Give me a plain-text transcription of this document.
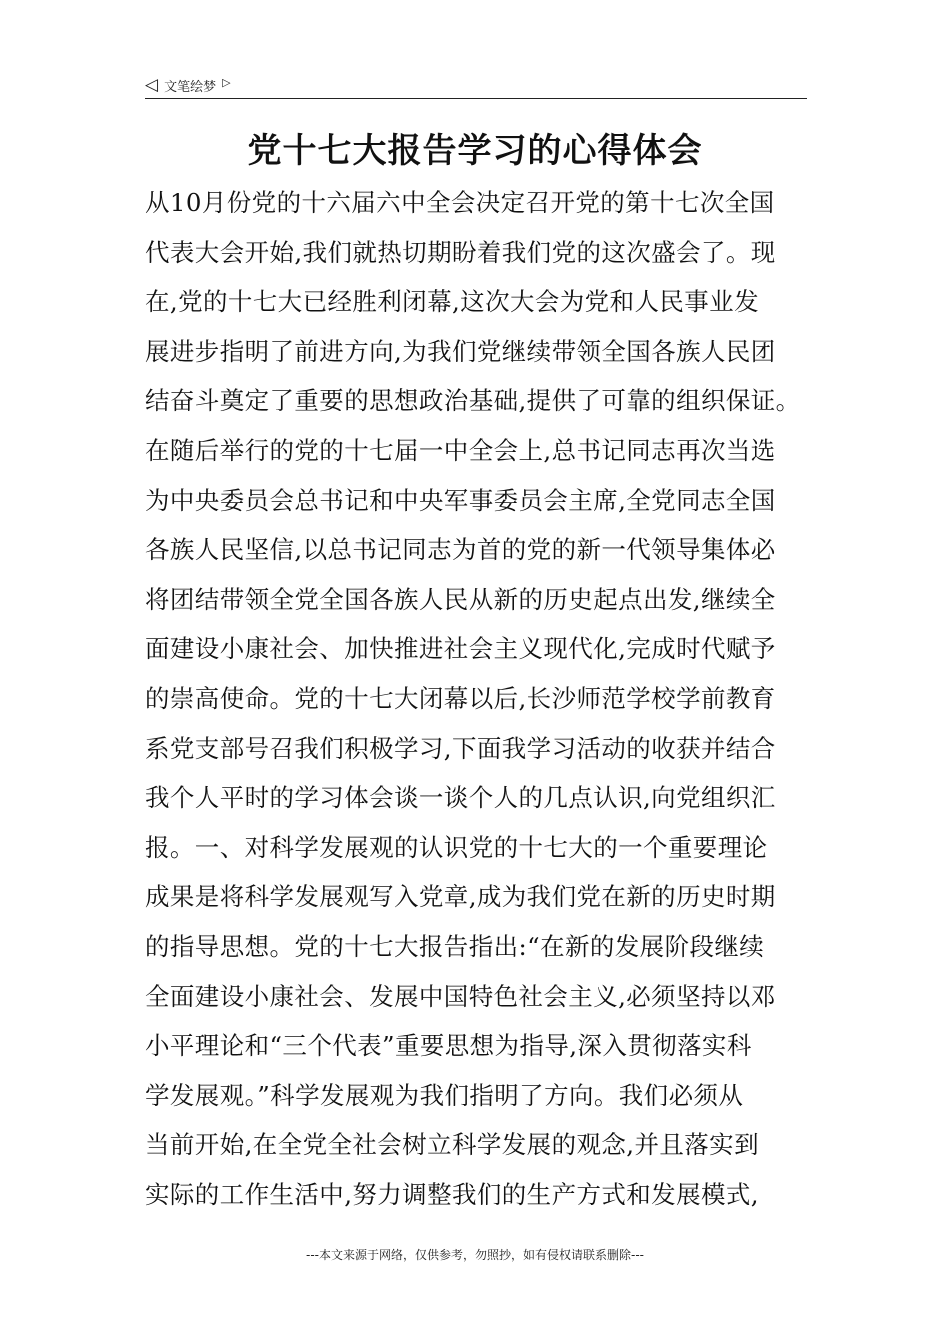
◁ 文笔绘梦 ▷
党十七大报告学习的心得体会

从10月份党的十六届六中全会决定召开党的第十七次全国
代表大会开始,我们就热切期盼着我们党的这次盛会了。现
在,党的十七大已经胜利闭幕,这次大会为党和人民事业发
展进步指明了前进方向,为我们党继续带领全国各族人民团
结奋斗奠定了重要的思想政治基础,提供了可靠的组织保证。
在随后举行的党的十七届一中全会上,总书记同志再次当选
为中央委员会总书记和中央军事委员会主席,全党同志全国
各族人民坚信,以总书记同志为首的党的新一代领导集体必
将团结带领全党全国各族人民从新的历史起点出发,继续全
面建设小康社会、加快推进社会主义现代化,完成时代赋予
的崇高使命。党的十七大闭幕以后,长沙师范学校学前教育
系党支部号召我们积极学习,下面我学习活动的收获并结合
我个人平时的学习体会谈一谈个人的几点认识,向党组织汇
报。一、对科学发展观的认识党的十七大的一个重要理论
成果是将科学发展观写入党章,成为我们党在新的历史时期
的指导思想。党的十七大报告指出:“在新的发展阶段继续
全面建设小康社会、发展中国特色社会主义,必须坚持以邓
小平理论和“三个代表”重要思想为指导,深入贯彻落实科
学发展观。”科学发展观为我们指明了方向。我们必须从
当前开始,在全党全社会树立科学发展的观念,并且落实到
实际的工作生活中,努力调整我们的生产方式和发展模式,

---本文来源于网络，仅供参考，勿照抄，如有侵权请联系删除---
